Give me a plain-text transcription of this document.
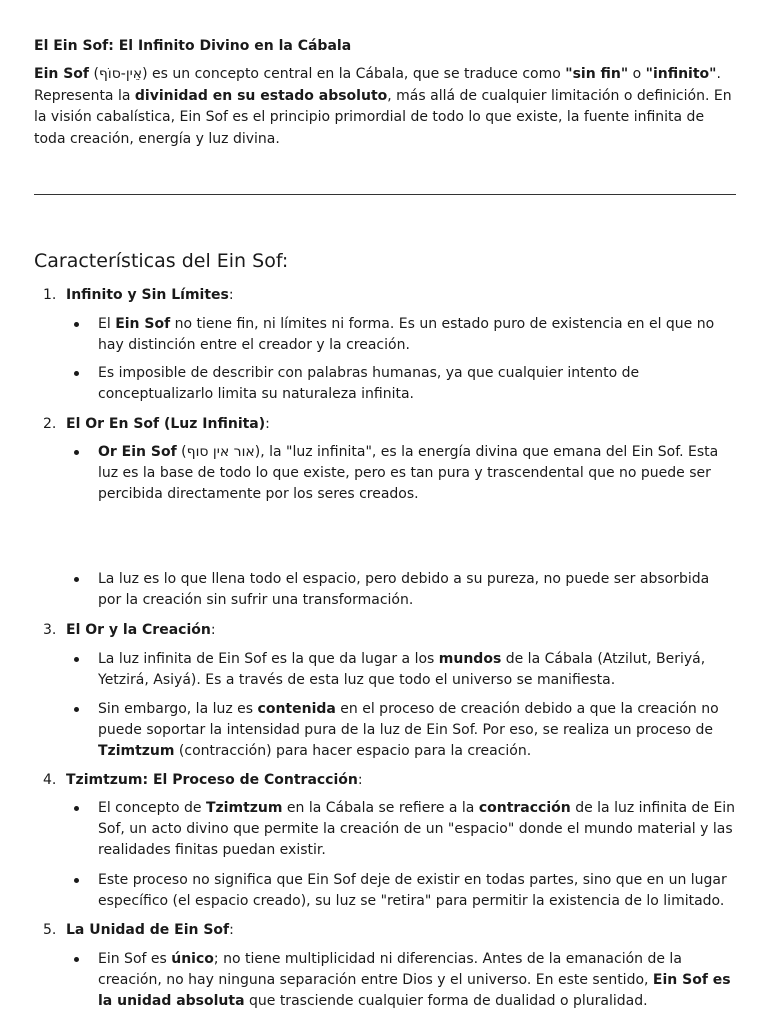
El Ein Sof: El Infinito Divino en la Cábala

Ein Sof (אֵין-סוֹף) es un concepto central en la Cábala, que se traduce como "sin fin" o "infinito". Representa la divinidad en su estado absoluto, más allá de cualquier limitación o definición. En la visión cabalística, Ein Sof es el principio primordial de todo lo que existe, la fuente infinita de toda creación, energía y luz divina.

Características del Ein Sof:
1. Infinito y Sin Límites:
El Ein Sof no tiene fin, ni límites ni forma. Es un estado puro de existencia en el que no hay distinción entre el creador y la creación.
Es imposible de describir con palabras humanas, ya que cualquier intento de conceptualizarlo limita su naturaleza infinita.
2. El Or En Sof (Luz Infinita):
Or Ein Sof (אור אין סוף), la "luz infinita", es la energía divina que emana del Ein Sof. Esta luz es la base de todo lo que existe, pero es tan pura y trascendental que no puede ser percibida directamente por los seres creados.
La luz es lo que llena todo el espacio, pero debido a su pureza, no puede ser absorbida por la creación sin sufrir una transformación.
3. El Or y la Creación:
La luz infinita de Ein Sof es la que da lugar a los mundos de la Cábala (Atzilut, Beriyá, Yetzirá, Asiyá). Es a través de esta luz que todo el universo se manifiesta.
Sin embargo, la luz es contenida en el proceso de creación debido a que la creación no puede soportar la intensidad pura de la luz de Ein Sof. Por eso, se realiza un proceso de Tzimtzum (contracción) para hacer espacio para la creación.
4. Tzimtzum: El Proceso de Contracción:
El concepto de Tzimtzum en la Cábala se refiere a la contracción de la luz infinita de Ein Sof, un acto divino que permite la creación de un "espacio" donde el mundo material y las realidades finitas puedan existir.
Este proceso no significa que Ein Sof deje de existir en todas partes, sino que en un lugar específico (el espacio creado), su luz se "retira" para permitir la existencia de lo limitado.
5. La Unidad de Ein Sof:
Ein Sof es único; no tiene multiplicidad ni diferencias. Antes de la emanación de la creación, no hay ninguna separación entre Dios y el universo. En este sentido, Ein Sof es la unidad absoluta que trasciende cualquier forma de dualidad o pluralidad.
